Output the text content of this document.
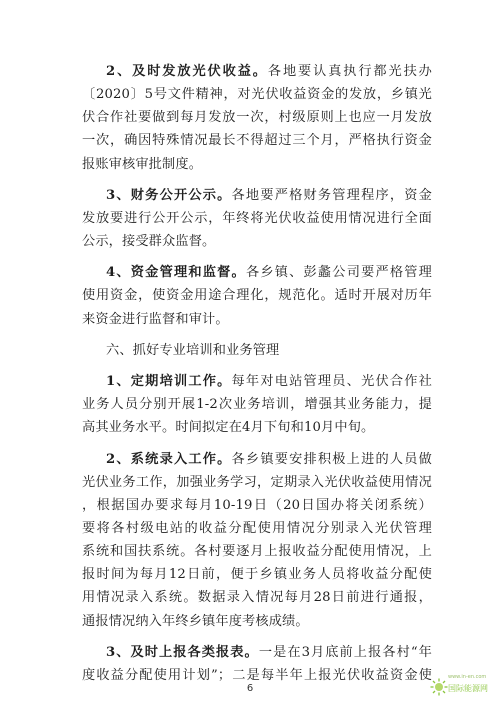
2、及时发放光伏收益。各地要认真执行都光扶办
〔2020〕5号文件精神，对光伏收益资金的发放，乡镇光
伏合作社要做到每月发放一次，村级原则上也应一月发放
一次，确因特殊情况最长不得超过三个月，严格执行资金
报账审核审批制度。
3、财务公开公示。各地要严格财务管理程序，资金
发放要进行公开公示，年终将光伏收益使用情况进行全面
公示，接受群众监督。
4、资金管理和监督。各乡镇、彭蠡公司要严格管理
使用资金，使资金用途合理化，规范化。适时开展对历年
来资金进行监督和审计。
六、抓好专业培训和业务管理
1、定期培训工作。每年对电站管理员、光伏合作社
业务人员分别开展1-2次业务培训，增强其业务能力，提
高其业务水平。时间拟定在4月下旬和10月中旬。
2、系统录入工作。各乡镇要安排积极上进的人员做
光伏业务工作，加强业务学习，定期录入光伏收益使用情况
，根据国办要求每月10-19日（20日国办将关闭系统）
要将各村级电站的收益分配使用情况分别录入光伏管理
系统和国扶系统。各村要逐月上报收益分配使用情况，上
报时间为每月12日前，便于乡镇业务人员将收益分配使
用情况录入系统。数据录入情况每月28日前进行通报，
通报情况纳入年终乡镇年度考核成绩。
3、及时上报各类报表。一是在3月底前上报各村“年
度收益分配使用计划”；二是每半年上报光伏收益资金使
6
www.in-en.com
国际能源网
